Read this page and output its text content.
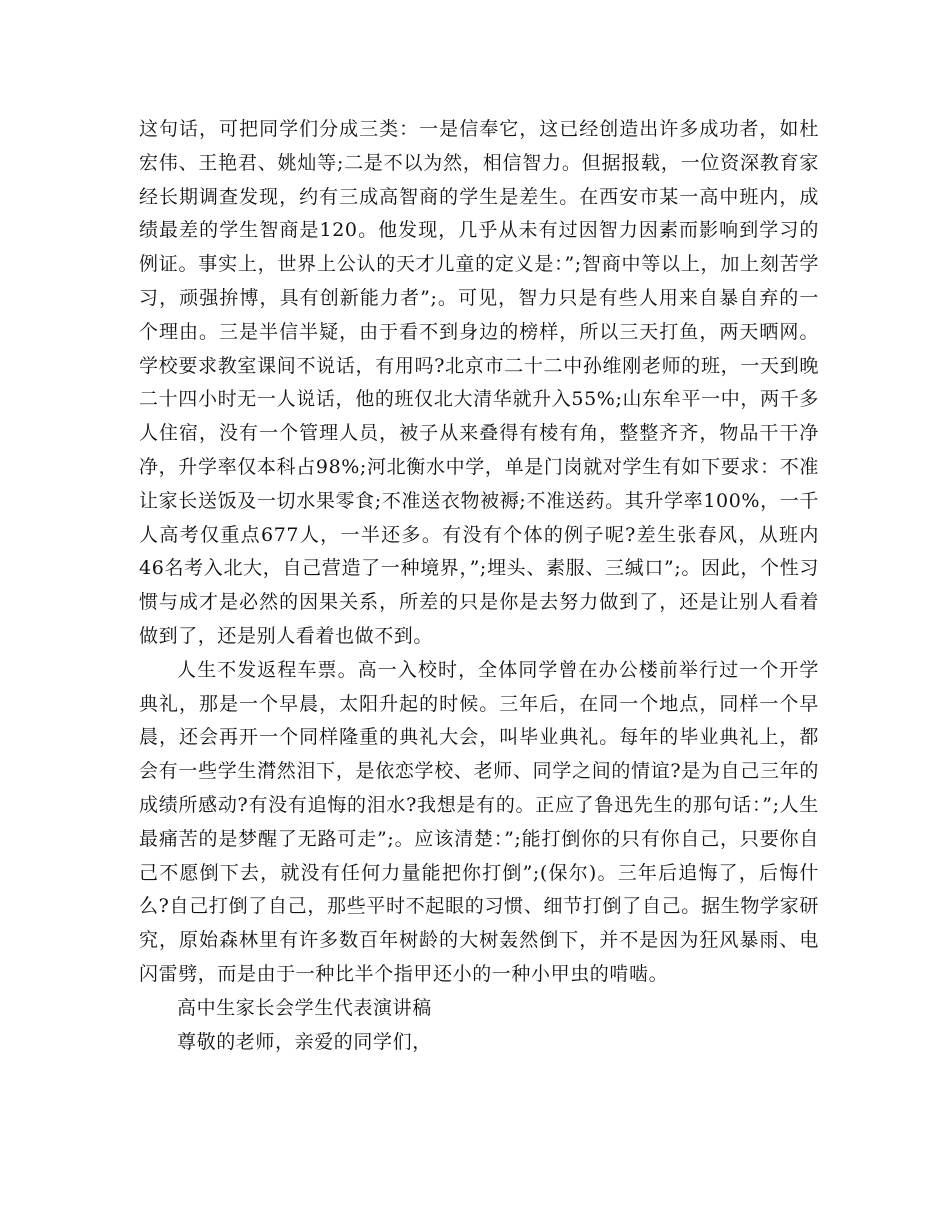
这句话，可把同学们分成三类：一是信奉它，这已经创造出许多成功者，如杜宏伟、王艳君、姚灿等;二是不以为然，相信智力。但据报载，一位资深教育家经长期调查发现，约有三成高智商的学生是差生。在西安市某一高中班内，成绩最差的学生智商是120。他发现，几乎从未有过因智力因素而影响到学习的例证。事实上，世界上公认的天才儿童的定义是：”;智商中等以上，加上刻苦学习，顽强拚博，具有创新能力者”;。可见，智力只是有些人用来自暴自弃的一个理由。三是半信半疑，由于看不到身边的榜样，所以三天打鱼，两天晒网。学校要求教室课间不说话，有用吗?北京市二十二中孙维刚老师的班，一天到晚二十四小时无一人说话，他的班仅北大清华就升入55%;山东牟平一中，两千多人住宿，没有一个管理人员，被子从来叠得有棱有角，整整齐齐，物品干干净净，升学率仅本科占98%;河北衡水中学，单是门岗就对学生有如下要求：不准让家长送饭及一切水果零食;不准送衣物被褥;不准送药。其升学率100%，一千人高考仅重点677人，一半还多。有没有个体的例子呢?差生张春风，从班内46名考入北大，自己营造了一种境界，”;埋头、素服、三缄口”;。因此，个性习惯与成才是必然的因果关系，所差的只是你是去努力做到了，还是让别人看着做到了，还是别人看着也做不到。

人生不发返程车票。高一入校时，全体同学曾在办公楼前举行过一个开学典礼，那是一个早晨，太阳升起的时候。三年后，在同一个地点，同样一个早晨，还会再开一个同样隆重的典礼大会，叫毕业典礼。每年的毕业典礼上，都会有一些学生潸然泪下，是依恋学校、老师、同学之间的情谊?是为自己三年的成绩所感动?有没有追悔的泪水?我想是有的。正应了鲁迅先生的那句话：”;人生最痛苦的是梦醒了无路可走”;。应该清楚：”;能打倒你的只有你自己，只要你自己不愿倒下去，就没有任何力量能把你打倒”;(保尔)。三年后追悔了，后悔什么?自己打倒了自己，那些平时不起眼的习惯、细节打倒了自己。据生物学家研究，原始森林里有许多数百年树龄的大树轰然倒下，并不是因为狂风暴雨、电闪雷劈，而是由于一种比半个指甲还小的一种小甲虫的啃啮。

高中生家长会学生代表演讲稿

尊敬的老师，亲爱的同学们，
